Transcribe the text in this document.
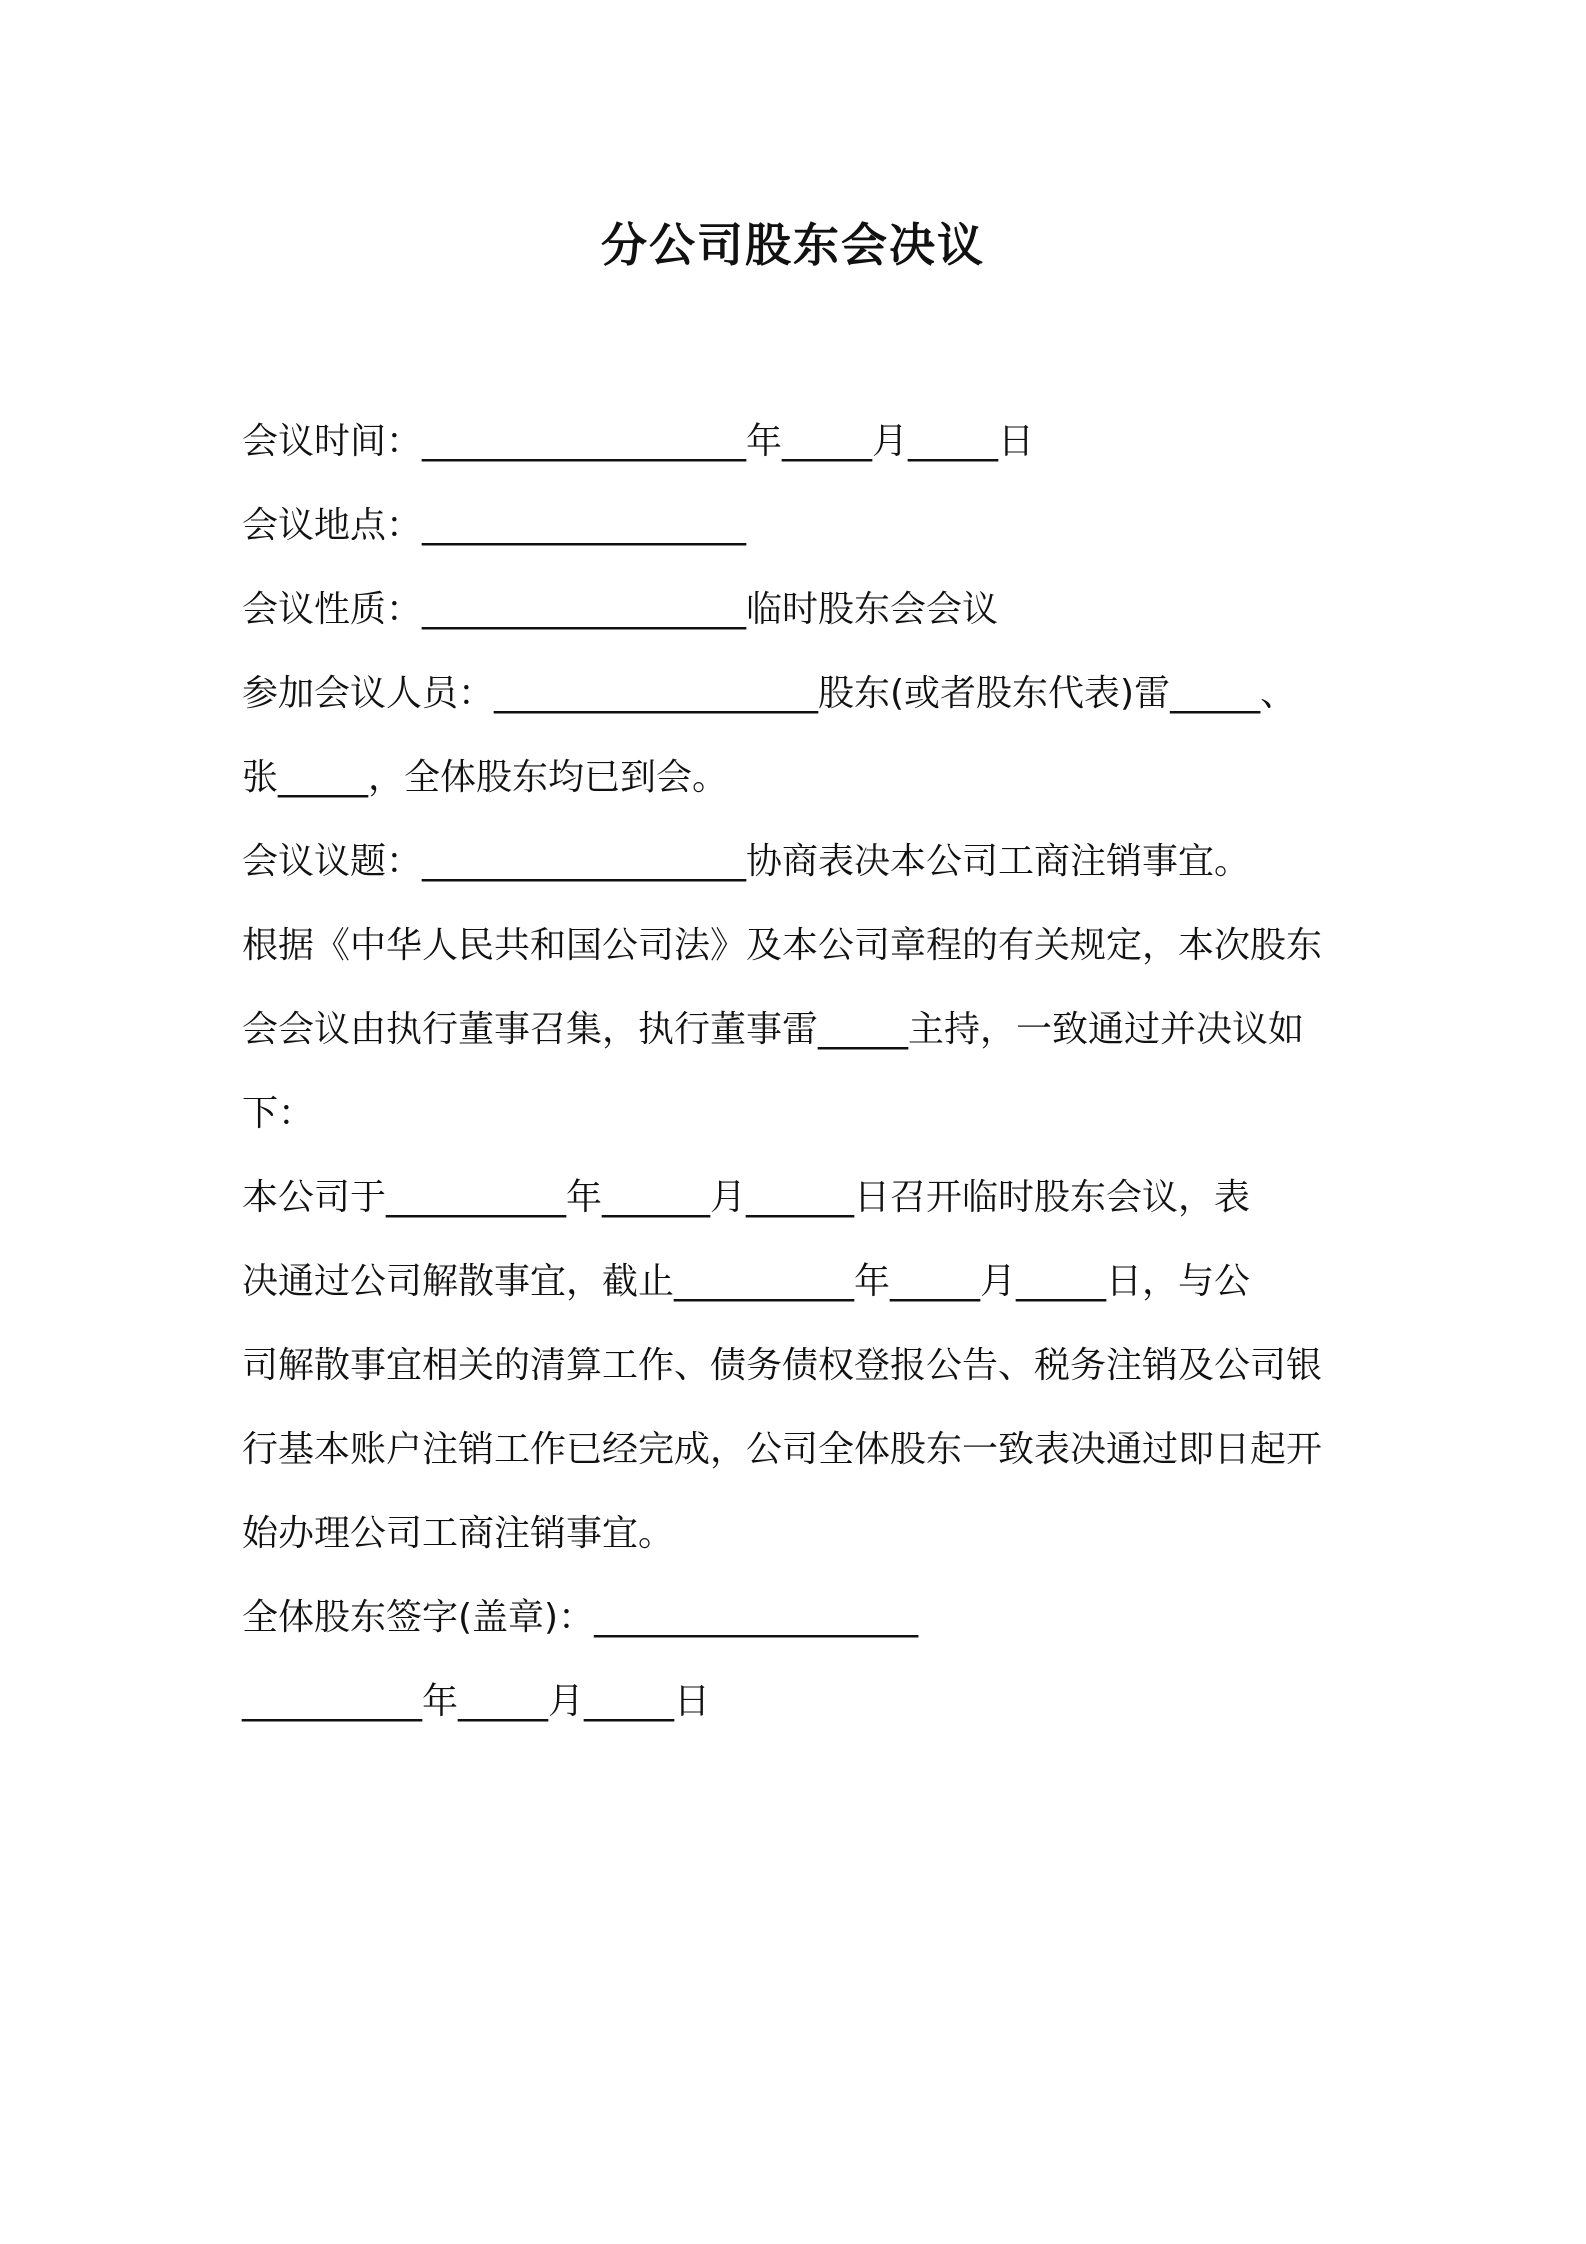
分公司股东会决议
会议时间：__________________年_____月_____日
会议地点：__________________
会议性质：__________________临时股东会会议
参加会议人员：__________________股东(或者股东代表)雷_____、
张_____，全体股东均已到会。
会议议题：__________________协商表决本公司工商注销事宜。
根据《中华人民共和国公司法》及本公司章程的有关规定，本次股东
会会议由执行董事召集，执行董事雷_____主持，一致通过并决议如
下：
本公司于__________年______月______日召开临时股东会议，表
决通过公司解散事宜，截止__________年_____月_____日，与公
司解散事宜相关的清算工作、债务债权登报公告、税务注销及公司银
行基本账户注销工作已经完成，公司全体股东一致表决通过即日起开
始办理公司工商注销事宜。
全体股东签字(盖章)：__________________
__________年_____月_____日
